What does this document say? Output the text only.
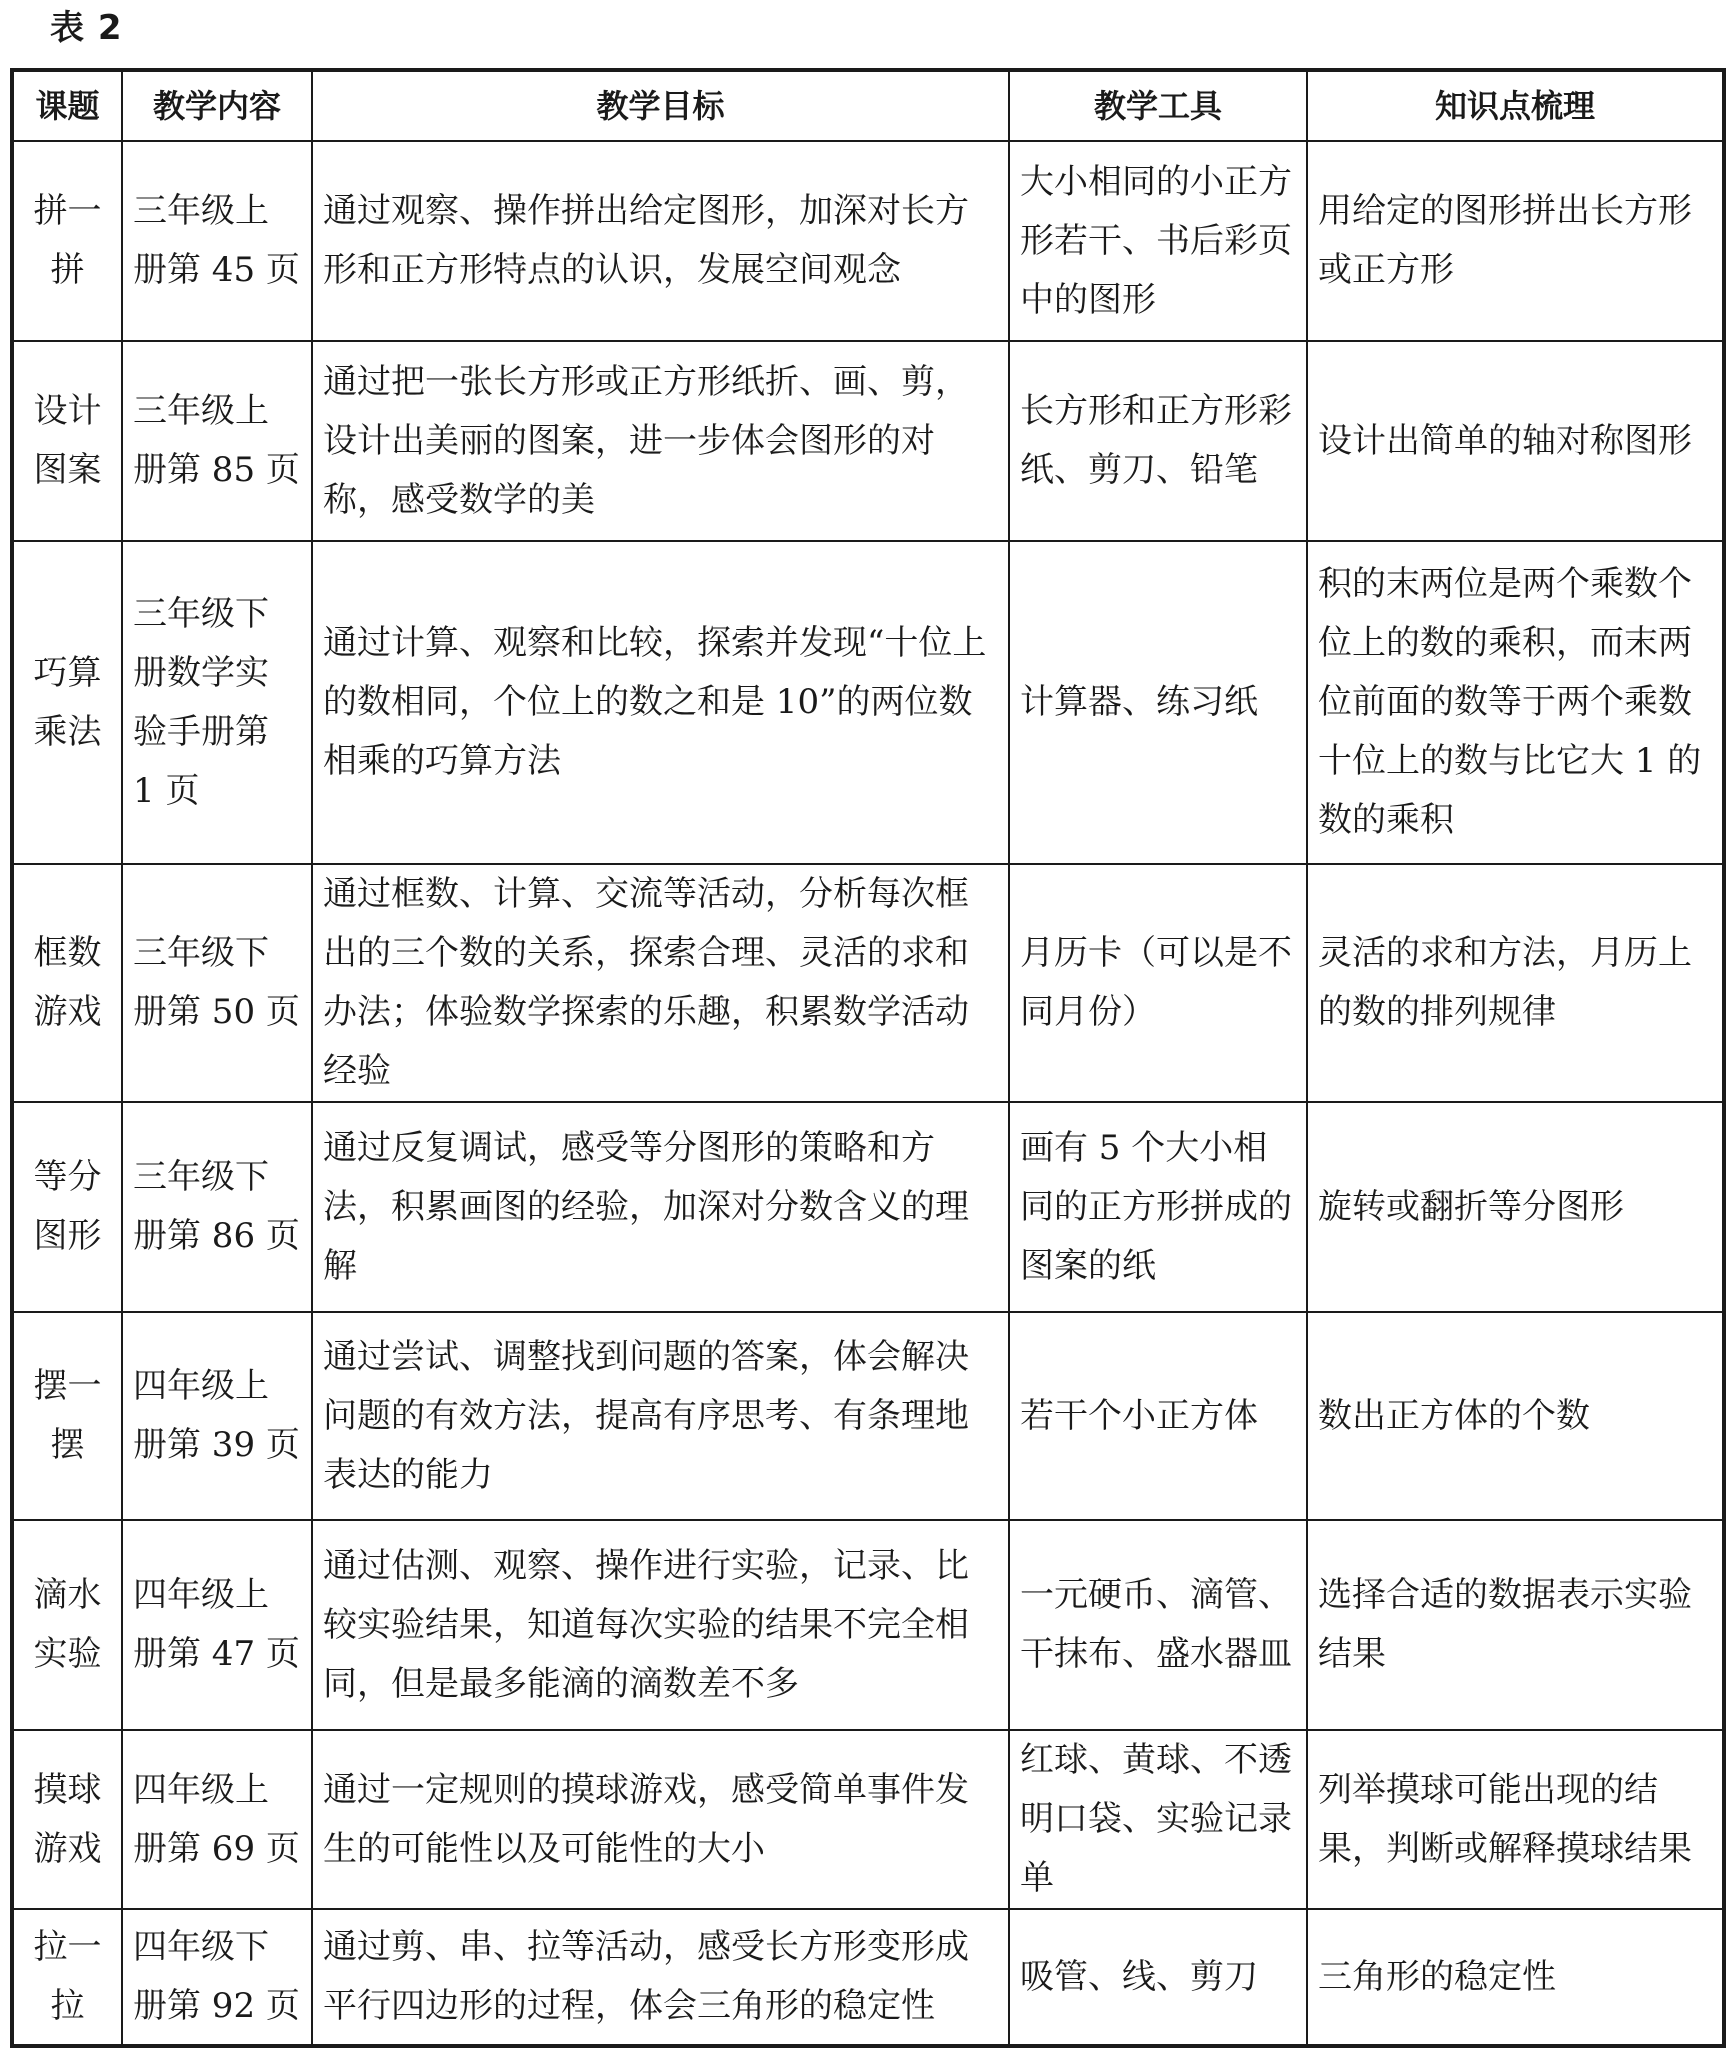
表 2
课题	教学内容	教学目标	教学工具	知识点梳理
拼一拼	三年级上册第 45 页	通过观察、操作拼出给定图形，加深对长方形和正方形特点的认识，发展空间观念	大小相同的小正方形若干、书后彩页中的图形	用给定的图形拼出长方形或正方形
设计图案	三年级上册第 85 页	通过把一张长方形或正方形纸折、画、剪，设计出美丽的图案，进一步体会图形的对称，感受数学的美	长方形和正方形彩纸、剪刀、铅笔	设计出简单的轴对称图形
巧算乘法	三年级下册数学实验手册第 1 页	通过计算、观察和比较，探索并发现“十位上的数相同，个位上的数之和是 10”的两位数相乘的巧算方法	计算器、练习纸	积的末两位是两个乘数个位上的数的乘积，而末两位前面的数等于两个乘数十位上的数与比它大 1 的数的乘积
框数游戏	三年级下册第 50 页	通过框数、计算、交流等活动，分析每次框出的三个数的关系，探索合理、灵活的求和办法；体验数学探索的乐趣，积累数学活动经验	月历卡（可以是不同月份）	灵活的求和方法，月历上的数的排列规律
等分图形	三年级下册第 86 页	通过反复调试，感受等分图形的策略和方法，积累画图的经验，加深对分数含义的理解	画有 5 个大小相同的正方形拼成的图案的纸	旋转或翻折等分图形
摆一摆	四年级上册第 39 页	通过尝试、调整找到问题的答案，体会解决问题的有效方法，提高有序思考、有条理地表达的能力	若干个小正方体	数出正方体的个数
滴水实验	四年级上册第 47 页	通过估测、观察、操作进行实验，记录、比较实验结果，知道每次实验的结果不完全相同，但是最多能滴的滴数差不多	一元硬币、滴管、干抹布、盛水器皿	选择合适的数据表示实验结果
摸球游戏	四年级上册第 69 页	通过一定规则的摸球游戏，感受简单事件发生的可能性以及可能性的大小	红球、黄球、不透明口袋、实验记录单	列举摸球可能出现的结果，判断或解释摸球结果
拉一拉	四年级下册第 92 页	通过剪、串、拉等活动，感受长方形变形成平行四边形的过程，体会三角形的稳定性	吸管、线、剪刀	三角形的稳定性
